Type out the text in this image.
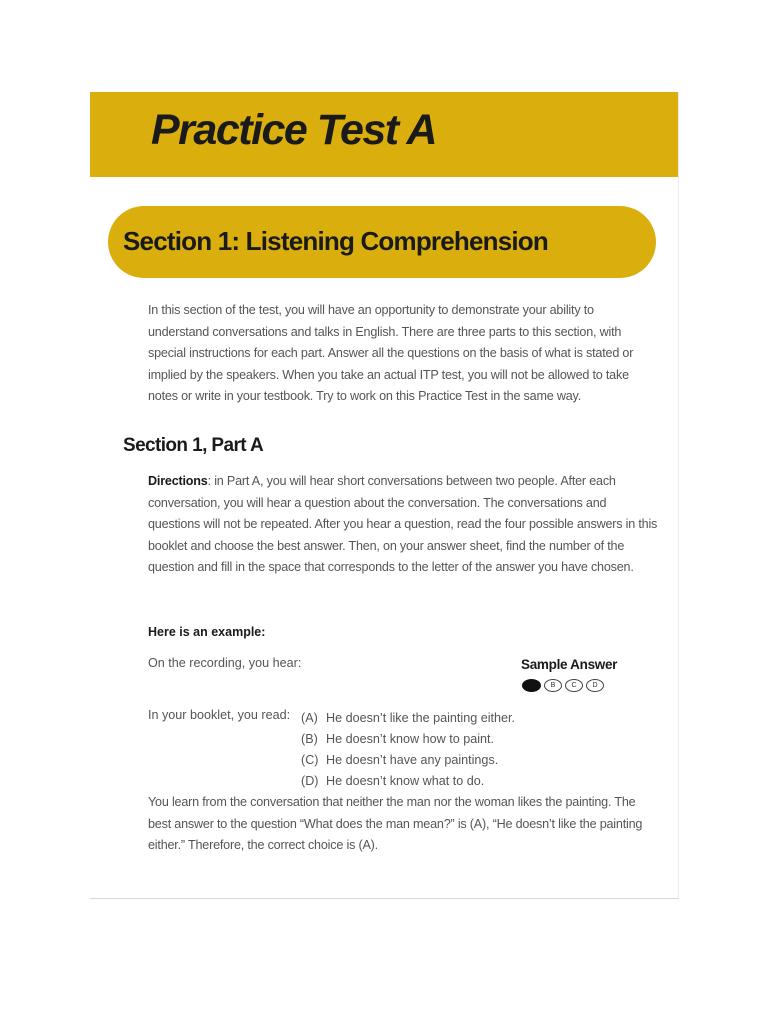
Practice Test A
Section 1: Listening Comprehension
In this section of the test, you will have an opportunity to demonstrate your ability to understand conversations and talks in English. There are three parts to this section, with special instructions for each part. Answer all the questions on the basis of what is stated or implied by the speakers. When you take an actual ITP test, you will not be allowed to take notes or write in your testbook. Try to work on this Practice Test in the same way.
Section 1, Part A
Directions: in Part A, you will hear short conversations between two people. After each conversation, you will hear a question about the conversation. The conversations and questions will not be repeated. After you hear a question, read the four possible answers in this booklet and choose the best answer. Then, on your answer sheet, find the number of the question and fill in the space that corresponds to the letter of the answer you have chosen.
Here is an example:
On the recording, you hear:	Sample Answer
B	C	D
In your booklet, you read: (A) He doesn’t like the painting either.
(B) He doesn’t know how to paint.
(C) He doesn’t have any paintings.
(D) He doesn’t know what to do.
You learn from the conversation that neither the man nor the woman likes the painting. The best answer to the question “What does the man mean?” is (A), “He doesn’t like the painting either.” Therefore, the correct choice is (A).
